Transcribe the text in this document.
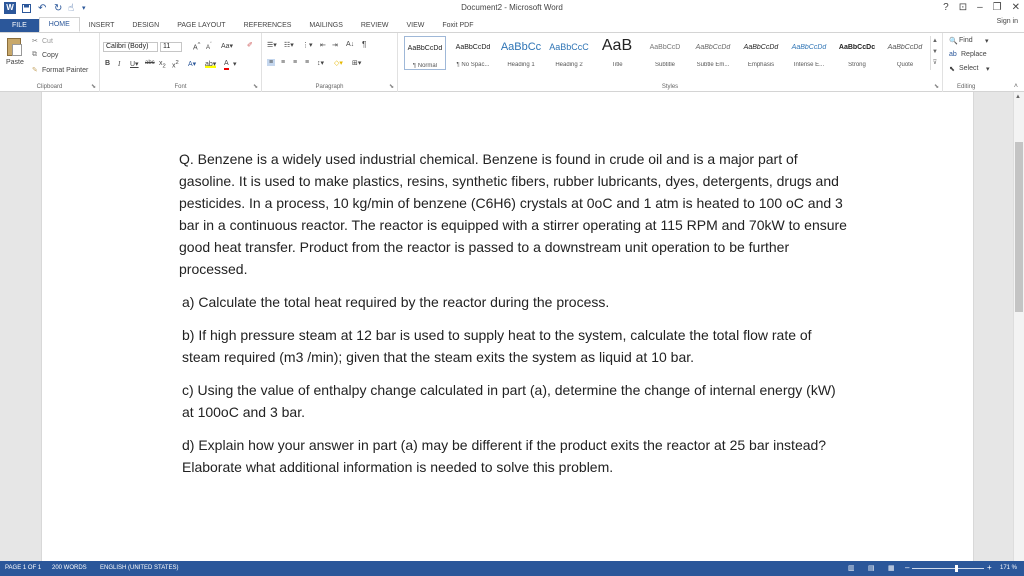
W ↶ ↻ ☝ ▾	Document2 - Microsoft Word	? ⊡ – ❐ ✕
FILE	HOME	INSERT	DESIGN	PAGE LAYOUT	REFERENCES	MAILINGS	REVIEW	VIEW	Foxit PDF
Sign in
Paste
✂ Cut
⧉ Copy
✎ Format Painter
Clipboard	⬊
Calibri (Body)	11	A^ $A^ˇ$ Aa▾ ✐
B I U▾ abc $x_2$ $x^2$ A▾ ab▾ A ▾
Font	⬊
☰▾ ☷▾ ⋮▾ ⇤ ⇥ A↓ ¶
≡ ≡ ≡ ≡ ↕▾ ◇▾ ⊞▾
Paragraph	⬊
AaBbCcDd
¶ Normal
AaBbCcDd
¶ No Spac...
AaBbCc
Heading 1
AaBbCcC
Heading 2
AaB
Title
AaBbCcD
Subtitle
AaBbCcDd
Subtle Em...
AaBbCcDd
Emphasis
AaBbCcDd
Intense E...
AaBbCcDc
Strong
AaBbCcDd
Quote
▲
▼
⊽
Styles	⬊
🔍 Find ▾
ab Replace
⬉ Select ▾
Editing	˄

Q. Benzene is a widely used industrial chemical. Benzene is found in crude oil and is a major part of gasoline. It is used to make plastics, resins, synthetic fibers, rubber lubricants, dyes, detergents, drugs and pesticides. In a process, 10 kg/min of benzene (C6H6) crystals at 0oC and 1 atm is heated to 100 oC and 3 bar in a continuous reactor. The reactor is equipped with a stirrer operating at 115 RPM and 70kW to ensure good heat transfer. Product from the reactor is passed to a downstream unit operation to be further processed.

a) Calculate the total heat required by the reactor during the process.

b) If high pressure steam at 12 bar is used to supply heat to the system, calculate the total flow rate of steam required (m3 /min); given that the steam exits the system as liquid at 10 bar.

c) Using the value of enthalpy change calculated in part (a), determine the change of internal energy (kW) at 100oC and 3 bar.

d) Explain how your answer in part (a) may be different if the product exits the reactor at 25 bar instead? Elaborate what additional information is needed to solve this problem.

▲
PAGE 1 OF 1 200 WORDS ENGLISH (UNITED STATES)	▥ ▤ ▦ –	+ 171 %
